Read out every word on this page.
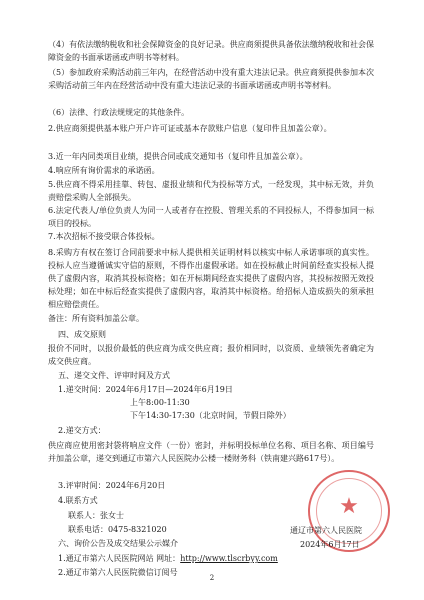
（4）有依法缴纳税收和社会保障资金的良好记录。供应商须提供具备依法缴纳税收和社会保障资金的书面承诺函或声明书等材料。

（5）参加政府采购活动前三年内，在经营活动中没有重大违法记录。供应商须提供参加本次采购活动前三年内在经营活动中没有重大违法记录的书面承诺函或声明书等材料。

（6）法律、行政法规规定的其他条件。

2.供应商须提供基本账户开户许可证或基本存款账户信息（复印件且加盖公章）。

3.近一年内同类项目业绩，提供合同或成交通知书（复印件且加盖公章）。

4.响应所有询价需求的承诺函。

5.供应商不得采用挂靠、转包、虚报业绩和代为投标等方式，一经发现，其中标无效，并负责赔偿采购人全部损失。

6.法定代表人/单位负责人为同一人或者存在控股、管理关系的不同投标人，不得参加同一标项目的投标。

7.本次招标不接受联合体投标。

8.采购方有权在签订合同前要求中标人提供相关证明材料以核实中标人承诺事项的真实性。投标人应当遵循诚实守信的原则，不得作出虚假承诺。如在投标截止时间前经查实投标人提供了虚假内容，取消其投标资格；如在开标期间经查实提供了虚假内容，其投标按照无效投标处理；如在中标后经查实提供了虚假内容，取消其中标资格。给招标人造成损失的须承担相应赔偿责任。

备注：所有资料加盖公章。

四、成交原则

报价不同时，以报价最低的供应商为成交供应商；报价相同时，以资质、业绩领先者确定为成交供应商。

五、递交文件、评审时间及方式

1.递交时间：2024年6月17日—2024年6月19日

上午8:00-11:30

下午14:30-17:30（北京时间，节假日除外）

2.递交方式：

供应商应使用密封袋将响应文件（一份）密封，并标明投标单位名称、项目名称、项目编号并加盖公章，递交到通辽市第六人民医院办公楼一楼财务科（铁南建兴路617号）。

3.评审时间：2024年6月20日

4.联系方式

联系人：张女士

联系电话：0475-8321020

六、询价公告及成交结果公示媒介

1.通辽市第六人民医院网站 网址：http://www.tlscrbyy.com

2.通辽市第六人民医院微信订阅号

★
通辽市第六人民医院
2024年6月17日
2
